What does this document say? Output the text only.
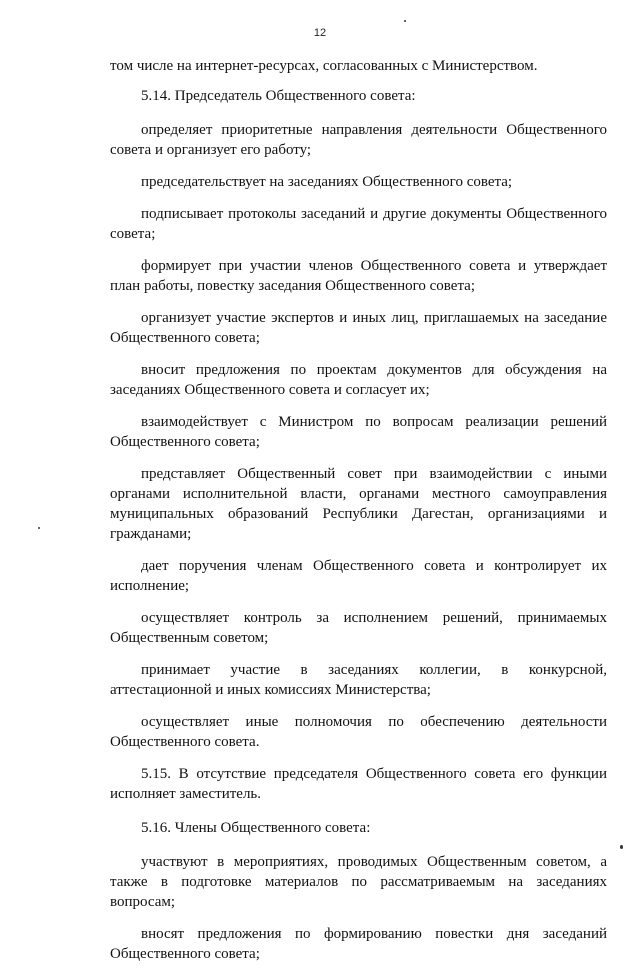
12

том числе на интернет-ресурсах, согласованных с Министерством.

5.14. Председатель Общественного совета:

определяет приоритетные направления деятельности Общественного совета и организует его работу;

председательствует на заседаниях Общественного совета;

подписывает протоколы заседаний и другие документы Общественного совета;

формирует при участии членов Общественного совета и утверждает план работы, повестку заседания Общественного совета;

организует участие экспертов и иных лиц, приглашаемых на заседание Общественного совета;

вносит предложения по проектам документов для обсуждения на заседаниях Общественного совета и согласует их;

взаимодействует с Министром по вопросам реализации решений Общественного совета;

представляет Общественный совет при взаимодействии с иными органами исполнительной власти, органами местного самоуправления муниципальных образований Республики Дагестан, организациями и гражданами;

дает поручения членам Общественного совета и контролирует их исполнение;

осуществляет контроль за исполнением решений, принимаемых Общественным советом;

принимает участие в заседаниях коллегии, в конкурсной, аттестационной и иных комиссиях Министерства;

осуществляет иные полномочия по обеспечению деятельности Общественного совета.

5.15. В отсутствие председателя Общественного совета его функции исполняет заместитель.

5.16. Члены Общественного совета:

участвуют в мероприятиях, проводимых Общественным советом, а также в подготовке материалов по рассматриваемым на заседаниях вопросам;

вносят предложения по формированию повестки дня заседаний Общественного совета;
